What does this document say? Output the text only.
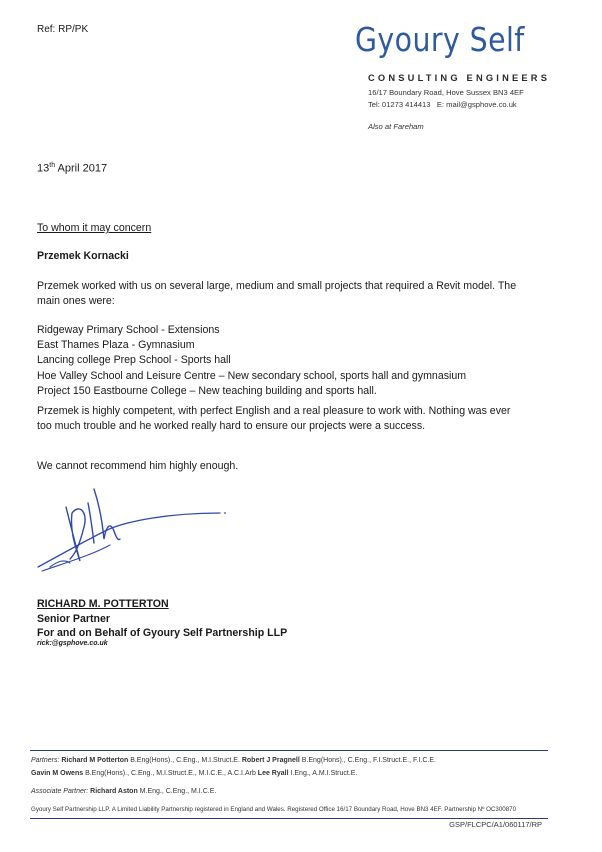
Ref: RP/PK	Gyoury Self
CONSULTING ENGINEERS
16/17 Boundary Road, Hove Sussex BN3 4EF
Tel: 01273 414413 E: mail@gsphove.co.uk
Also at Fareham
13th April 2017
To whom it may concern
Przemek Kornacki
Przemek worked with us on several large, medium and small projects that required a Revit model. The
main ones were:
Ridgeway Primary School - Extensions
East Thames Plaza - Gymnasium
Lancing college Prep School - Sports hall
Hoe Valley School and Leisure Centre – New secondary school, sports hall and gymnasium
Project 150 Eastbourne College – New teaching building and sports hall.
Przemek is highly competent, with perfect English and a real pleasure to work with. Nothing was ever
too much trouble and he worked really hard to ensure our projects were a success.
We cannot recommend him highly enough.
RICHARD M. POTTERTON
Senior Partner
For and on Behalf of Gyoury Self Partnership LLP
rick:@gsphove.co.uk
Partners: Richard M Potterton B.Eng(Hons)., C.Eng., M.I.Struct.E. Robert J Pragnell B.Eng(Hons)., C.Eng., F.I.Struct.E., F.I.C.E.
Gavin M Owens B.Eng(Hons)., C.Eng., M.I.Struct.E., M.I.C.E., A.C.I.Arb Lee Ryall I.Eng., A.M.I.Struct.E.
Associate Partner: Richard Aston M.Eng., C.Eng., M.I.C.E.
Gyoury Self Partnership LLP. A Limited Liability Partnership registered in England and Wales. Registered Office 16/17 Boundary Road, Hove BN3 4EF. Partnership Nº OC300870
GSP/FLCPC/A1/060117/RP
